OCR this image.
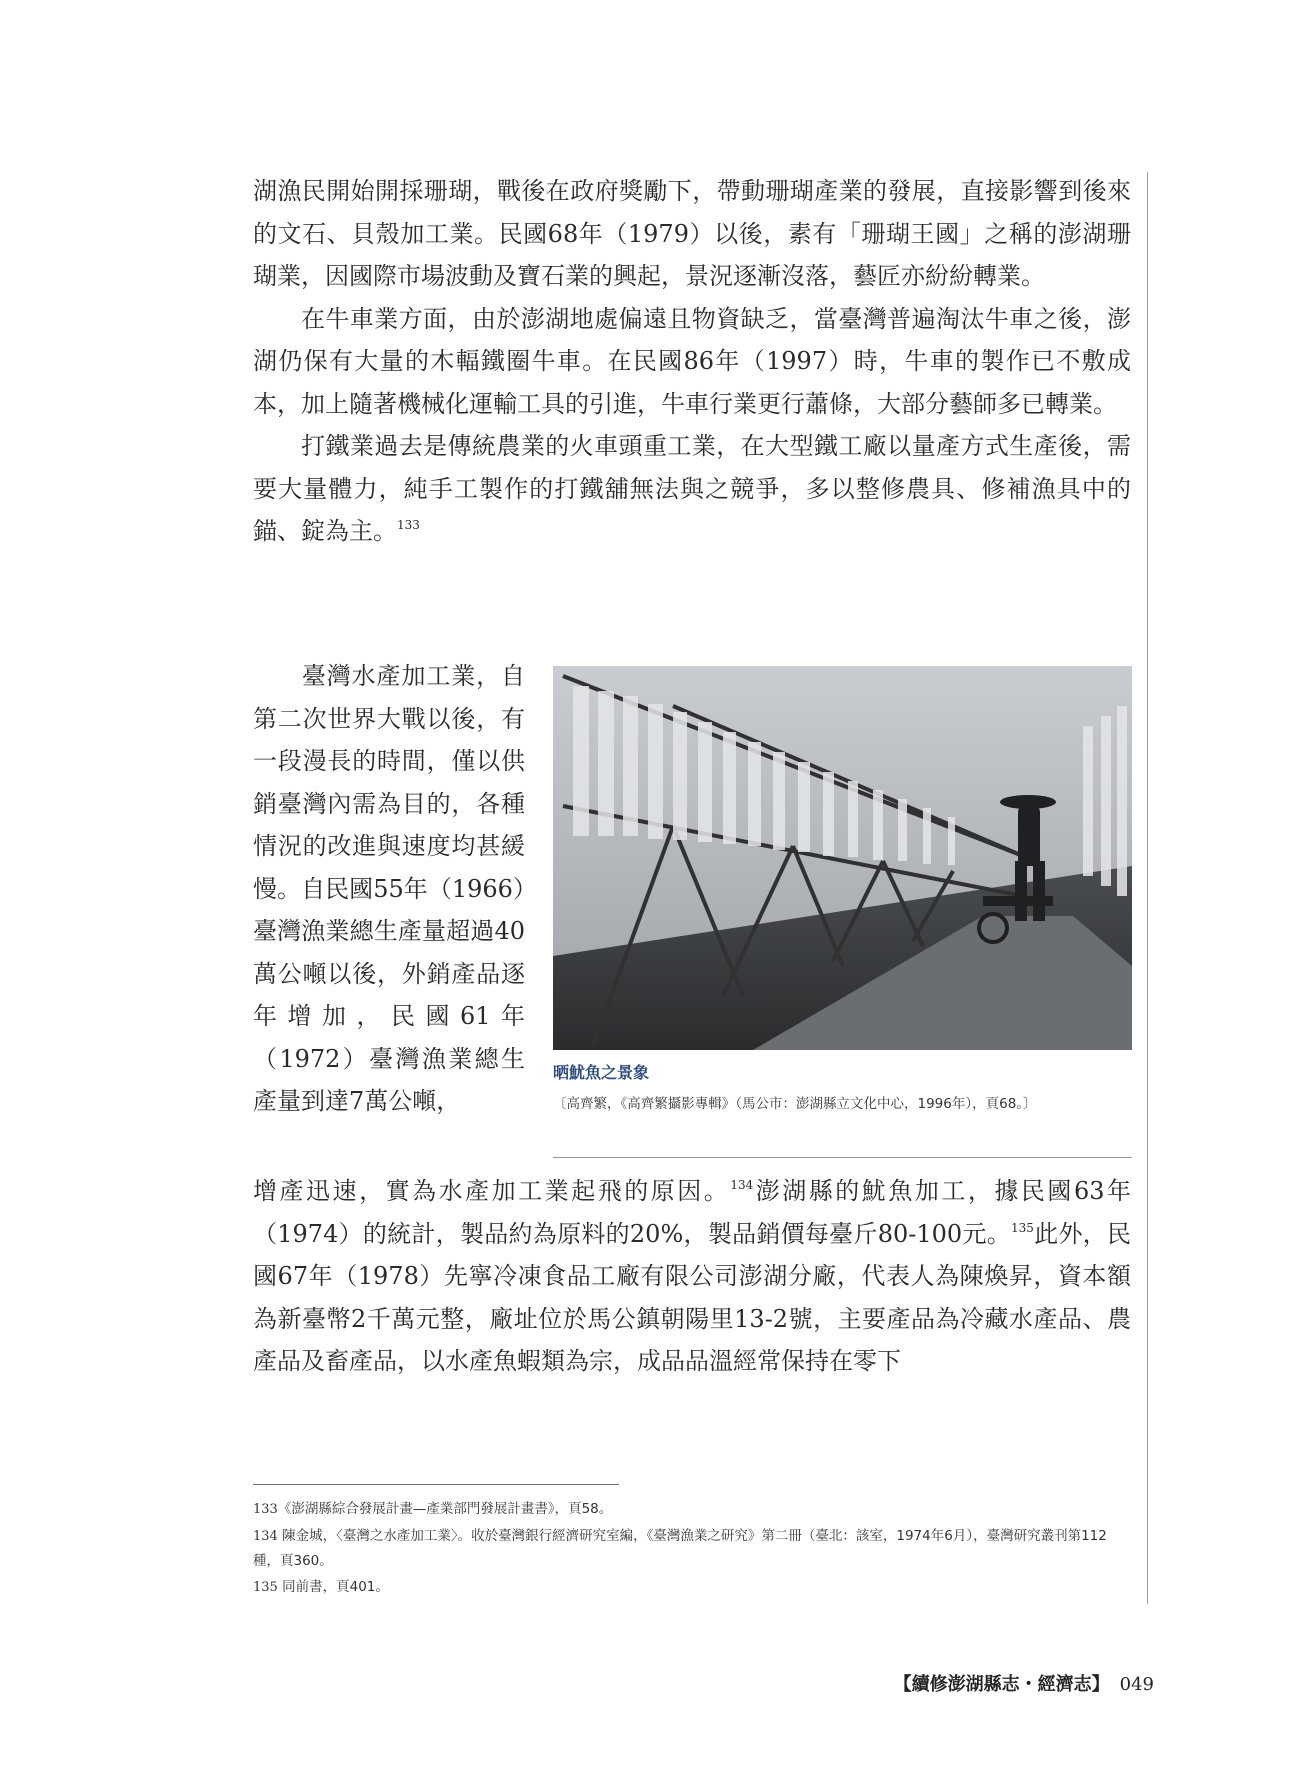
湖漁民開始開採珊瑚，戰後在政府獎勵下，帶動珊瑚產業的發展，直接影響到後來的文石、貝殼加工業。民國68年（1979）以後，素有「珊瑚王國」之稱的澎湖珊瑚業，因國際市場波動及寶石業的興起，景況逐漸沒落，藝匠亦紛紛轉業。

在牛車業方面，由於澎湖地處偏遠且物資缺乏，當臺灣普遍淘汰牛車之後，澎湖仍保有大量的木輻鐵圈牛車。在民國86年（1997）時，牛車的製作已不敷成本，加上隨著機械化運輸工具的引進，牛車行業更行蕭條，大部分藝師多已轉業。

打鐵業過去是傳統農業的火車頭重工業，在大型鐵工廠以量產方式生產後，需要大量體力，純手工製作的打鐵舖無法與之競爭，多以整修農具、修補漁具中的錨、錠為主。$^{133}$

臺灣水產加工業，自第二次世界大戰以後，有一段漫長的時間，僅以供銷臺灣內需為目的，各種情況的改進與速度均甚緩慢。自民國55年（1966）臺灣漁業總生產量超過40萬公噸以後，外銷產品逐年增加，民國61年（1972）臺灣漁業總生產量到達7萬公噸，
晒魷魚之景象
〔高齊繁，《高齊繁攝影專輯》（馬公市：澎湖縣立文化中心，1996年），頁68。〕

增產迅速，實為水產加工業起飛的原因。$^{134}$澎湖縣的魷魚加工，據民國63年（1974）的統計，製品約為原料的20%，製品銷價每臺斤80-100元。$^{135}$此外，民國67年（1978）先寧冷凍食品工廠有限公司澎湖分廠，代表人為陳煥昇，資本額為新臺幣2千萬元整，廠址位於馬公鎮朝陽里13-2號，主要產品為冷藏水產品、農產品及畜產品，以水產魚蝦類為宗，成品品溫經常保持在零下

133《澎湖縣綜合發展計畫—產業部門發展計畫書》，頁58。
134 陳金城，〈臺灣之水產加工業〉。收於臺灣銀行經濟研究室編，《臺灣漁業之研究》第二冊（臺北：該室，1974年6月），臺灣研究叢刊第112種，頁360。
135 同前書，頁401。
【續修澎湖縣志・經濟志】 049
